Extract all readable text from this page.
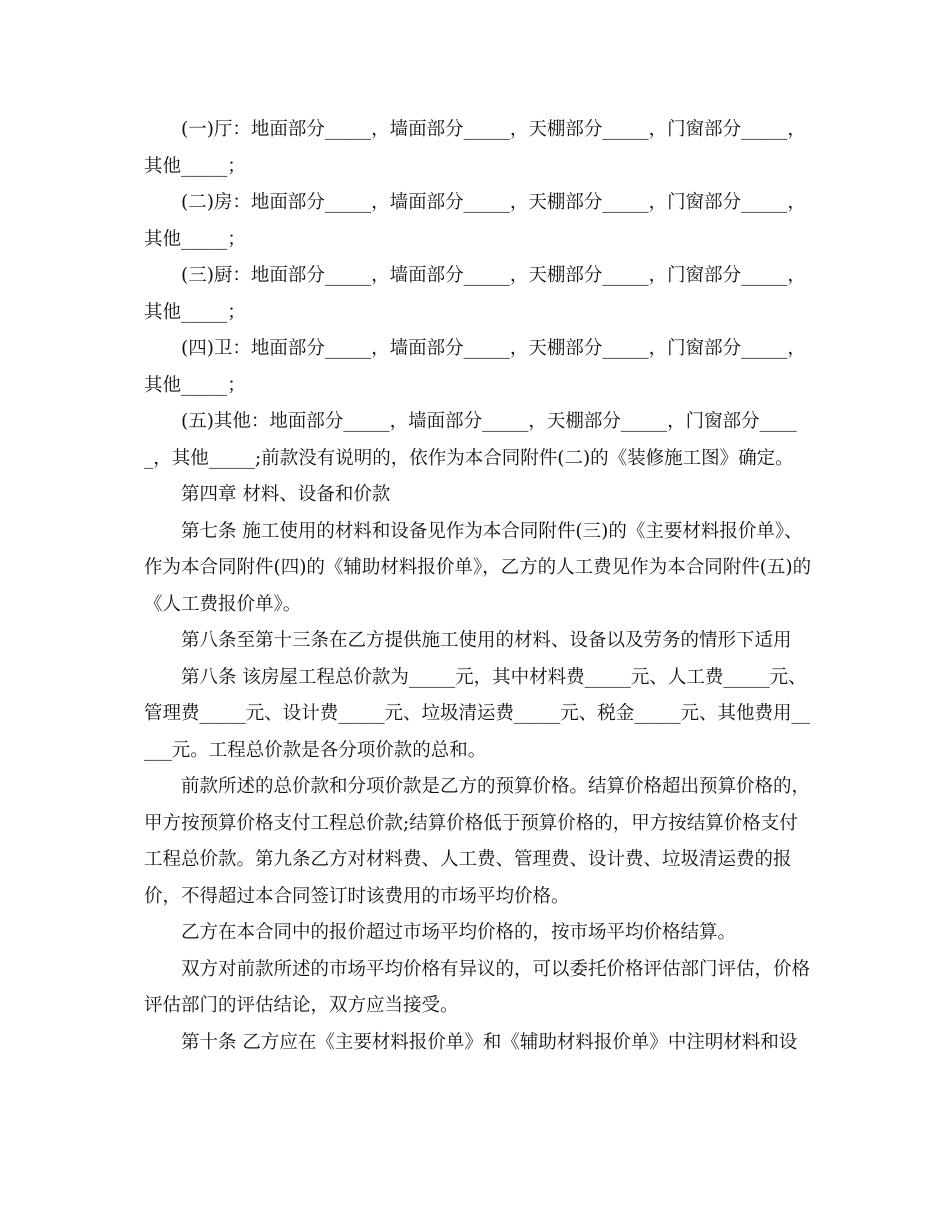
(一)厅：地面部分_____，墙面部分_____，天棚部分_____，门窗部分_____，其他_____；

(二)房：地面部分_____，墙面部分_____，天棚部分_____，门窗部分_____，其他_____；

(三)厨：地面部分_____，墙面部分_____，天棚部分_____，门窗部分_____，其他_____；

(四)卫：地面部分_____，墙面部分_____，天棚部分_____，门窗部分_____，其他_____；

(五)其他：地面部分_____，墙面部分_____，天棚部分_____，门窗部分_____，其他_____;前款没有说明的，依作为本合同附件(二)的《装修施工图》确定。

第四章 材料、设备和价款

第七条 施工使用的材料和设备见作为本合同附件(三)的《主要材料报价单》、作为本合同附件(四)的《辅助材料报价单》，乙方的人工费见作为本合同附件(五)的《人工费报价单》。

第八条至第十三条在乙方提供施工使用的材料、设备以及劳务的情形下适用

第八条 该房屋工程总价款为_____元，其中材料费_____元、人工费_____元、管理费_____元、设计费_____元、垃圾清运费_____元、税金_____元、其他费用_____元。工程总价款是各分项价款的总和。

前款所述的总价款和分项价款是乙方的预算价格。结算价格超出预算价格的，甲方按预算价格支付工程总价款;结算价格低于预算价格的，甲方按结算价格支付工程总价款。第九条乙方对材料费、人工费、管理费、设计费、垃圾清运费的报价，不得超过本合同签订时该费用的市场平均价格。

乙方在本合同中的报价超过市场平均价格的，按市场平均价格结算。

双方对前款所述的市场平均价格有异议的，可以委托价格评估部门评估，价格评估部门的评估结论，双方应当接受。

第十条 乙方应在《主要材料报价单》和《辅助材料报价单》中注明材料和设
